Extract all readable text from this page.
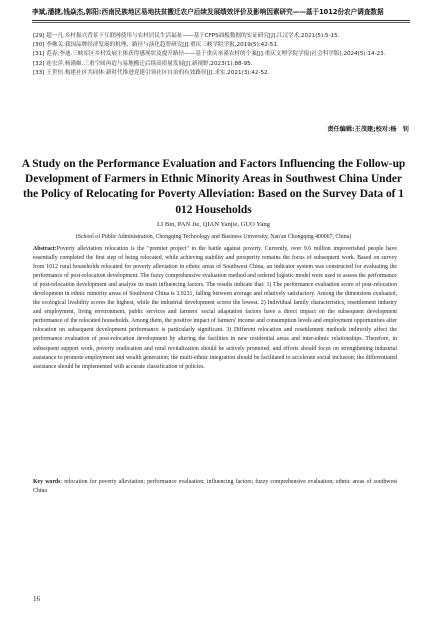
李斌,潘捷,钱焱杰,郭阳:西南民族地区易地扶贫搬迁农户后续发展绩效评价及影响因素研究——基于1012份农户调查数据

[29] 超一凡.乡村振兴背景下互联网使用与农村居民生活福祉——基于CFPS面板数据的实证研究[J].江汉学术,2021(5):5-15.

[30] 李佛关.我国品牌经济发展的机理、路径与演化趋势研究[J].重庆三峡学院学报,2019(5):42-51.

[31] 范春,李迪.三峡库区乡村发展主体获得感现状及提升路径——基于重庆巫溪农村的个案[J].重庆文理学院学报(社会科学版),2024(5):14-23.

[32] 连宏萍,杨谨頔.三重空间再造与易地搬迁后续高质量发展[J].新视野,2023(1):88-95.

[33] 王世恒.构建社区共同体:新时代推进党建引领社区自治的有效路径[J].求实,2021(3):42-52.

责任编辑:王茂建;校对:杨　钊
A Study on the Performance Evaluation and Factors Influencing the Follow-up Development of Farmers in Ethnic Minority Areas in Southwest China Under the Policy of Relocating for Poverty Alleviation: Based on the Survey Data of 1 012 Households
LI Bin, PAN Jie, QIAN Yanjie, GUO Yang
(School of Public Administration, Chongqing Technology and Business University, Nan'an Chongqing 400067, China)
Abstract:Poverty alleviation relocation is the "premier project" in the battle against poverty. Currently, over 9.6 million impoverished people have essentially completed the first step of being relocated, while achieving stability and prosperity remains the focus of subsequent work. Based on survey from 1012 rural households relocated for poverty alleviation in ethnic areas of Southwest China, an indicator system was constructed for evaluating the performance of post-relocation development. The fuzzy comprehensive evaluation method and ordered logistic model were used to assess the performance of post-relocation development and analyze its main influencing factors. The results indicate that: 1) The performance evaluation score of post-relocation development in ethnic minority areas of Southwest China is 3.9231, falling between average and relatively satisfactory. Among the dimensions evaluated, the ecological livability scores the highest, while the industrial development scores the lowest. 2) Individual family characteristics, resettlement industry and employment, living environment, public services and farmers' social adaptation factors have a direct impact on the subsequent development performance of the relocated households. Among them, the positive impact of farmers' income and consumption levels and employment opportunities after relocation on subsequent development performance is particularly significant. 3) Different relocation and resettlement methods indirectly affect the performance evaluation of post-relocation development by altering the facilities in new residential areas and inter-ethnic relationships. Therefore, in subsequent support work, poverty eradication and rural revitalization should be actively promoted, and efforts should focus on strengthening industrial assistance to promote employment and wealth generation; the multi-ethnic integration should be facilitated to accelerate social inclusion; the differentiated assistance should be implemented with accurate classification of policies.
Key words: relocation for poverty alleviation; performance evaluation; influencing factors; fuzzy comprehensive evaluation; ethnic areas of southwest China
16
